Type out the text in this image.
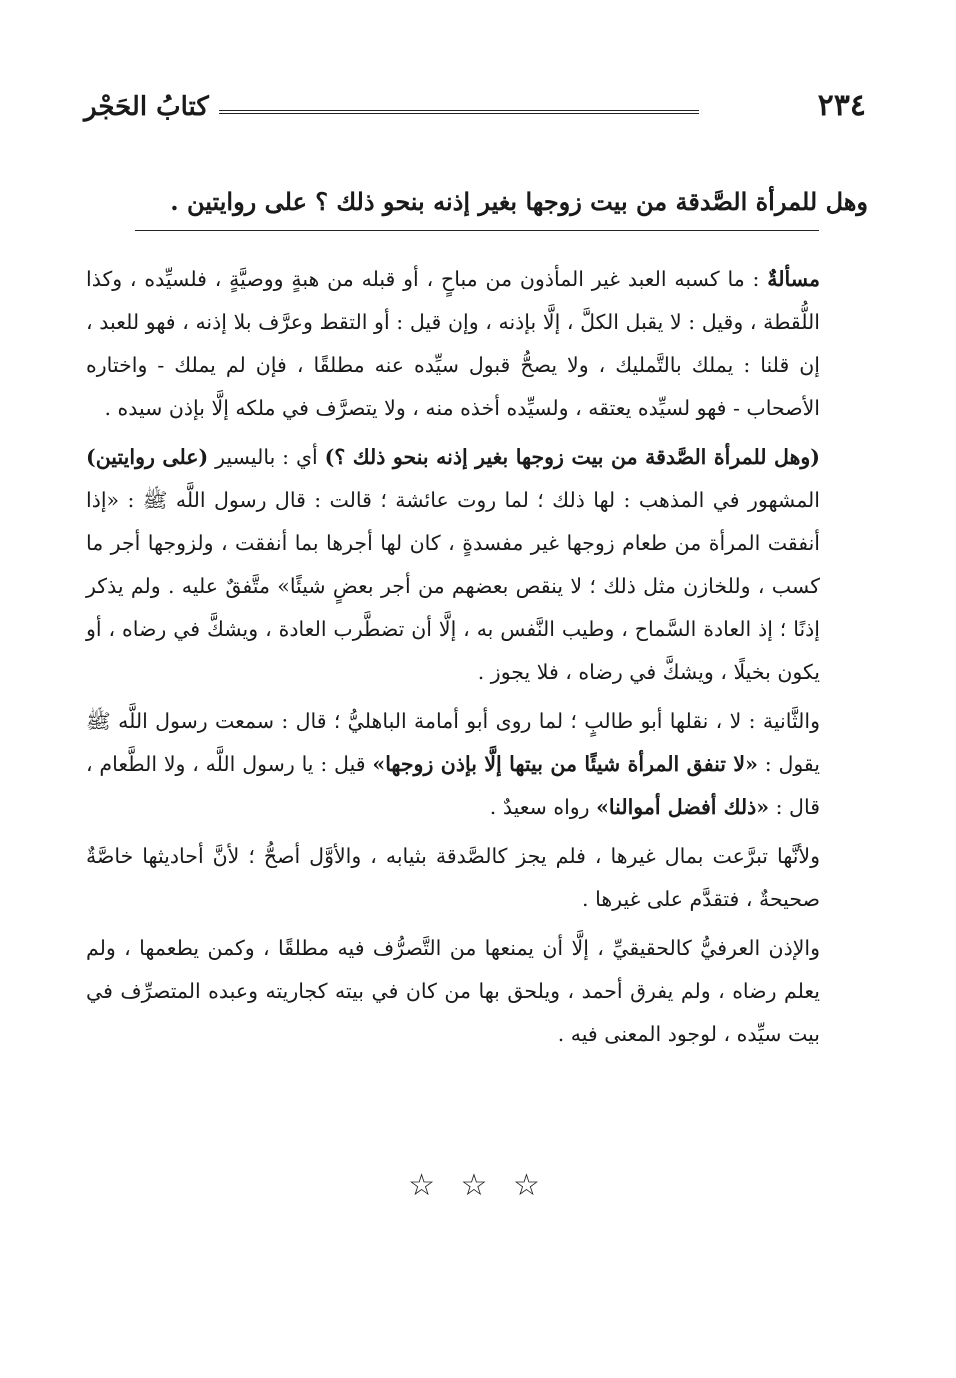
كتابُ الحَجْر	٢٣٤
وهل للمرأة الصَّدقة من بيت زوجها بغير إذنه بنحو ذلك ؟ على روايتين .

مسألةٌ : ما كسبه العبد غير المأذون من مباحٍ ، أو قبله من هبةٍ ووصيَّةٍ ، فلسيِّده ، وكذا اللُّقطة ، وقيل : لا يقبل الكلَّ ، إلَّا بإذنه ، وإن قيل : أو التقط وعرَّف بلا إذنه ، فهو للعبد ، إن قلنا : يملك بالتَّمليك ، ولا يصحُّ قبول سيِّده عنه مطلقًا ، فإن لم يملك - واختاره الأصحاب - فهو لسيِّده يعتقه ، ولسيِّده أخذه منه ، ولا يتصرَّف في ملكه إلَّا بإذن سيده .

(وهل للمرأة الصَّدقة من بيت زوجها بغير إذنه بنحو ذلك ؟) أي : باليسير (على روايتين) المشهور في المذهب : لها ذلك ؛ لما روت عائشة ؛ قالت : قال رسول اللَّه ﷺ : «إذا أنفقت المرأة من طعام زوجها غير مفسدةٍ ، كان لها أجرها بما أنفقت ، ولزوجها أجر ما كسب ، وللخازن مثل ذلك ؛ لا ينقص بعضهم من أجر بعضٍ شيئًا» متَّفقٌ عليه . ولم يذكر إذنًا ؛ إذ العادة السَّماح ، وطيب النَّفس به ، إلَّا أن تضطَّرب العادة ، ويشكَّ في رضاه ، أو يكون بخيلًا ، ويشكَّ في رضاه ، فلا يجوز .

والثَّانية : لا ، نقلها أبو طالبٍ ؛ لما روى أبو أمامة الباهليُّ ؛ قال : سمعت رسول اللَّه ﷺ يقول : «لا تنفق المرأة شيئًا من بيتها إلَّا بإذن زوجها» قيل : يا رسول اللَّه ، ولا الطَّعام ، قال : «ذلك أفضل أموالنا» رواه سعيدٌ .

ولأنَّها تبرَّعت بمال غيرها ، فلم يجز كالصَّدقة بثيابه ، والأوَّل أصحُّ ؛ لأنَّ أحاديثها خاصَّةٌ صحيحةٌ ، فتقدَّم على غيرها .

والإذن العرفيُّ كالحقيقيِّ ، إلَّا أن يمنعها من التَّصرُّف فيه مطلقًا ، وكمن يطعمها ، ولم يعلم رضاه ، ولم يفرق أحمد ، ويلحق بها من كان في بيته كجاريته وعبده المتصرِّف في بيت سيِّده ، لوجود المعنى فيه .

☆ ☆ ☆
